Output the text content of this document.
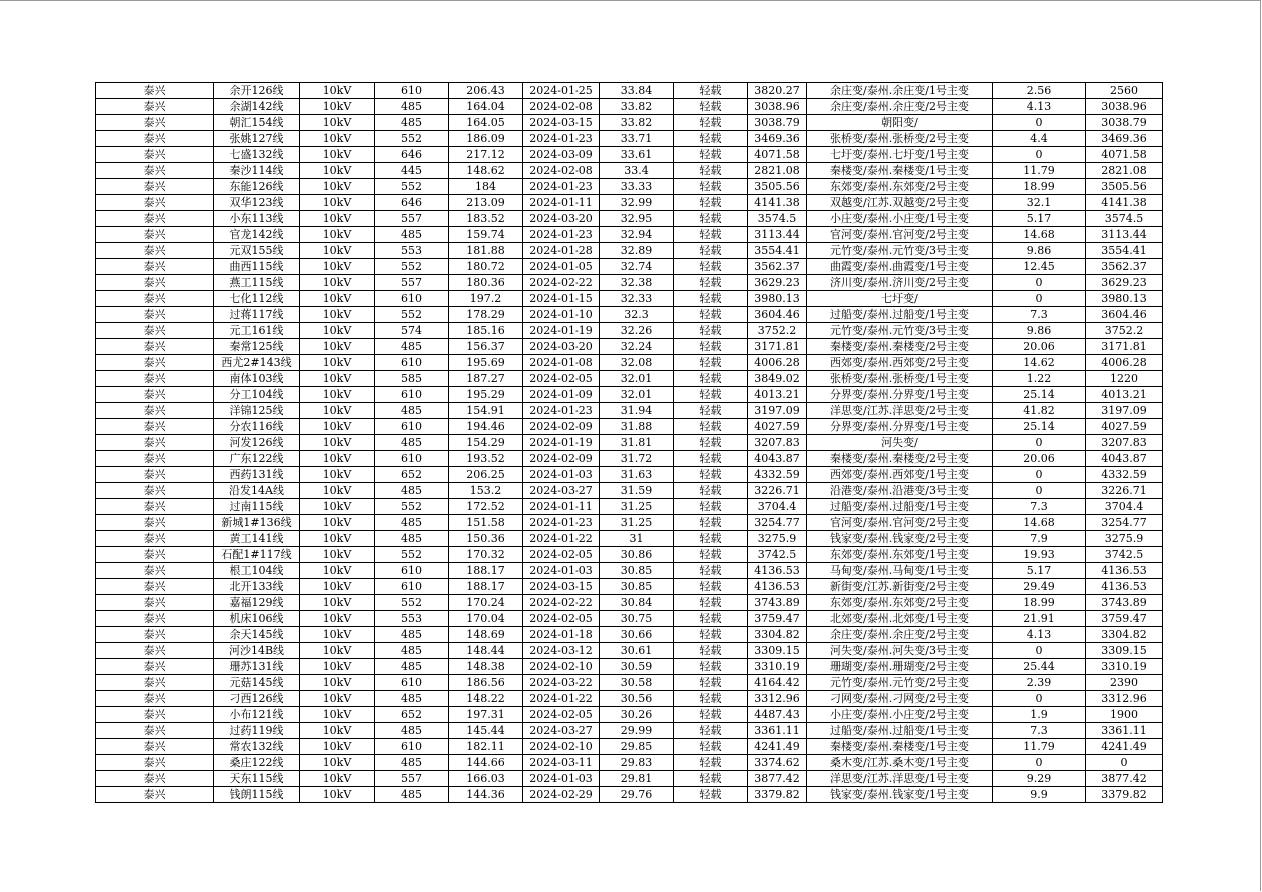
泰兴	余开126线	10kV	610	206.43	2024-01-25	33.84	轻载	3820.27	余庄变/泰州.余庄变/1号主变	2.56	2560
泰兴	余湖142线	10kV	485	164.04	2024-02-08	33.82	轻载	3038.96	余庄变/泰州.余庄变/2号主变	4.13	3038.96
泰兴	朝汇154线	10kV	485	164.05	2024-03-15	33.82	轻载	3038.79	朝阳变/	0	3038.79
泰兴	张姚127线	10kV	552	186.09	2024-01-23	33.71	轻载	3469.36	张桥变/泰州.张桥变/2号主变	4.4	3469.36
泰兴	七盛132线	10kV	646	217.12	2024-03-09	33.61	轻载	4071.58	七圩变/泰州.七圩变/1号主变	0	4071.58
泰兴	秦沙114线	10kV	445	148.62	2024-02-08	33.4	轻载	2821.08	秦楼变/泰州.秦楼变/1号主变	11.79	2821.08
泰兴	东能126线	10kV	552	184	2024-01-23	33.33	轻载	3505.56	东郊变/泰州.东郊变/2号主变	18.99	3505.56
泰兴	双华123线	10kV	646	213.09	2024-01-11	32.99	轻载	4141.38	双越变/江苏.双越变/2号主变	32.1	4141.38
泰兴	小东113线	10kV	557	183.52	2024-03-20	32.95	轻载	3574.5	小庄变/泰州.小庄变/1号主变	5.17	3574.5
泰兴	官龙142线	10kV	485	159.74	2024-01-23	32.94	轻载	3113.44	官河变/泰州.官河变/2号主变	14.68	3113.44
泰兴	元双155线	10kV	553	181.88	2024-01-28	32.89	轻载	3554.41	元竹变/泰州.元竹变/3号主变	9.86	3554.41
泰兴	曲西115线	10kV	552	180.72	2024-01-05	32.74	轻载	3562.37	曲霞变/泰州.曲霞变/1号主变	12.45	3562.37
泰兴	燕工115线	10kV	557	180.36	2024-02-22	32.38	轻载	3629.23	济川变/泰州.济川变/2号主变	0	3629.23
泰兴	七化112线	10kV	610	197.2	2024-01-15	32.33	轻载	3980.13	七圩变/	0	3980.13
泰兴	过蒋117线	10kV	552	178.29	2024-01-10	32.3	轻载	3604.46	过船变/泰州.过船变/1号主变	7.3	3604.46
泰兴	元工161线	10kV	574	185.16	2024-01-19	32.26	轻载	3752.2	元竹变/泰州.元竹变/3号主变	9.86	3752.2
泰兴	秦常125线	10kV	485	156.37	2024-03-20	32.24	轻载	3171.81	秦楼变/泰州.秦楼变/2号主变	20.06	3171.81
泰兴	西尤2#143线	10kV	610	195.69	2024-01-08	32.08	轻载	4006.28	西郊变/泰州.西郊变/2号主变	14.62	4006.28
泰兴	南体103线	10kV	585	187.27	2024-02-05	32.01	轻载	3849.02	张桥变/泰州.张桥变/1号主变	1.22	1220
泰兴	分工104线	10kV	610	195.29	2024-01-09	32.01	轻载	4013.21	分界变/泰州.分界变/1号主变	25.14	4013.21
泰兴	洋锦125线	10kV	485	154.91	2024-01-23	31.94	轻载	3197.09	洋思变/江苏.洋思变/2号主变	41.82	3197.09
泰兴	分农116线	10kV	610	194.46	2024-02-09	31.88	轻载	4027.59	分界变/泰州.分界变/1号主变	25.14	4027.59
泰兴	河发126线	10kV	485	154.29	2024-01-19	31.81	轻载	3207.83	河失变/	0	3207.83
泰兴	广东122线	10kV	610	193.52	2024-02-09	31.72	轻载	4043.87	秦楼变/泰州.秦楼变/2号主变	20.06	4043.87
泰兴	西药131线	10kV	652	206.25	2024-01-03	31.63	轻载	4332.59	西郊变/泰州.西郊变/1号主变	0	4332.59
泰兴	沿发14A线	10kV	485	153.2	2024-03-27	31.59	轻载	3226.71	沿港变/泰州.沿港变/3号主变	0	3226.71
泰兴	过南115线	10kV	552	172.52	2024-01-11	31.25	轻载	3704.4	过船变/泰州.过船变/1号主变	7.3	3704.4
泰兴	新城1#136线	10kV	485	151.58	2024-01-23	31.25	轻载	3254.77	官河变/泰州.官河变/2号主变	14.68	3254.77
泰兴	黄工141线	10kV	485	150.36	2024-01-22	31	轻载	3275.9	钱家变/泰州.钱家变/2号主变	7.9	3275.9
泰兴	石配1#117线	10kV	552	170.32	2024-02-05	30.86	轻载	3742.5	东郊变/泰州.东郊变/1号主变	19.93	3742.5
泰兴	根工104线	10kV	610	188.17	2024-01-03	30.85	轻载	4136.53	马甸变/泰州.马甸变/1号主变	5.17	4136.53
泰兴	北开133线	10kV	610	188.17	2024-03-15	30.85	轻载	4136.53	新街变/江苏.新街变/2号主变	29.49	4136.53
泰兴	嘉福129线	10kV	552	170.24	2024-02-22	30.84	轻载	3743.89	东郊变/泰州.东郊变/2号主变	18.99	3743.89
泰兴	机床106线	10kV	553	170.04	2024-02-05	30.75	轻载	3759.47	北郊变/泰州.北郊变/1号主变	21.91	3759.47
泰兴	余天145线	10kV	485	148.69	2024-01-18	30.66	轻载	3304.82	余庄变/泰州.余庄变/2号主变	4.13	3304.82
泰兴	河沙14B线	10kV	485	148.44	2024-03-12	30.61	轻载	3309.15	河失变/泰州.河失变/3号主变	0	3309.15
泰兴	珊苏131线	10kV	485	148.38	2024-02-10	30.59	轻载	3310.19	珊瑚变/泰州.珊瑚变/2号主变	25.44	3310.19
泰兴	元菇145线	10kV	610	186.56	2024-03-22	30.58	轻载	4164.42	元竹变/泰州.元竹变/2号主变	2.39	2390
泰兴	刁西126线	10kV	485	148.22	2024-01-22	30.56	轻载	3312.96	刁网变/泰州.刁网变/2号主变	0	3312.96
泰兴	小布121线	10kV	652	197.31	2024-02-05	30.26	轻载	4487.43	小庄变/泰州.小庄变/2号主变	1.9	1900
泰兴	过药119线	10kV	485	145.44	2024-03-27	29.99	轻载	3361.11	过船变/泰州.过船变/1号主变	7.3	3361.11
泰兴	常农132线	10kV	610	182.11	2024-02-10	29.85	轻载	4241.49	秦楼变/泰州.秦楼变/1号主变	11.79	4241.49
泰兴	桑庄122线	10kV	485	144.66	2024-03-11	29.83	轻载	3374.62	桑木变/江苏.桑木变/1号主变	0	0
泰兴	天东115线	10kV	557	166.03	2024-01-03	29.81	轻载	3877.42	洋思变/江苏.洋思变/1号主变	9.29	3877.42
泰兴	钱朗115线	10kV	485	144.36	2024-02-29	29.76	轻载	3379.82	钱家变/泰州.钱家变/1号主变	9.9	3379.82
